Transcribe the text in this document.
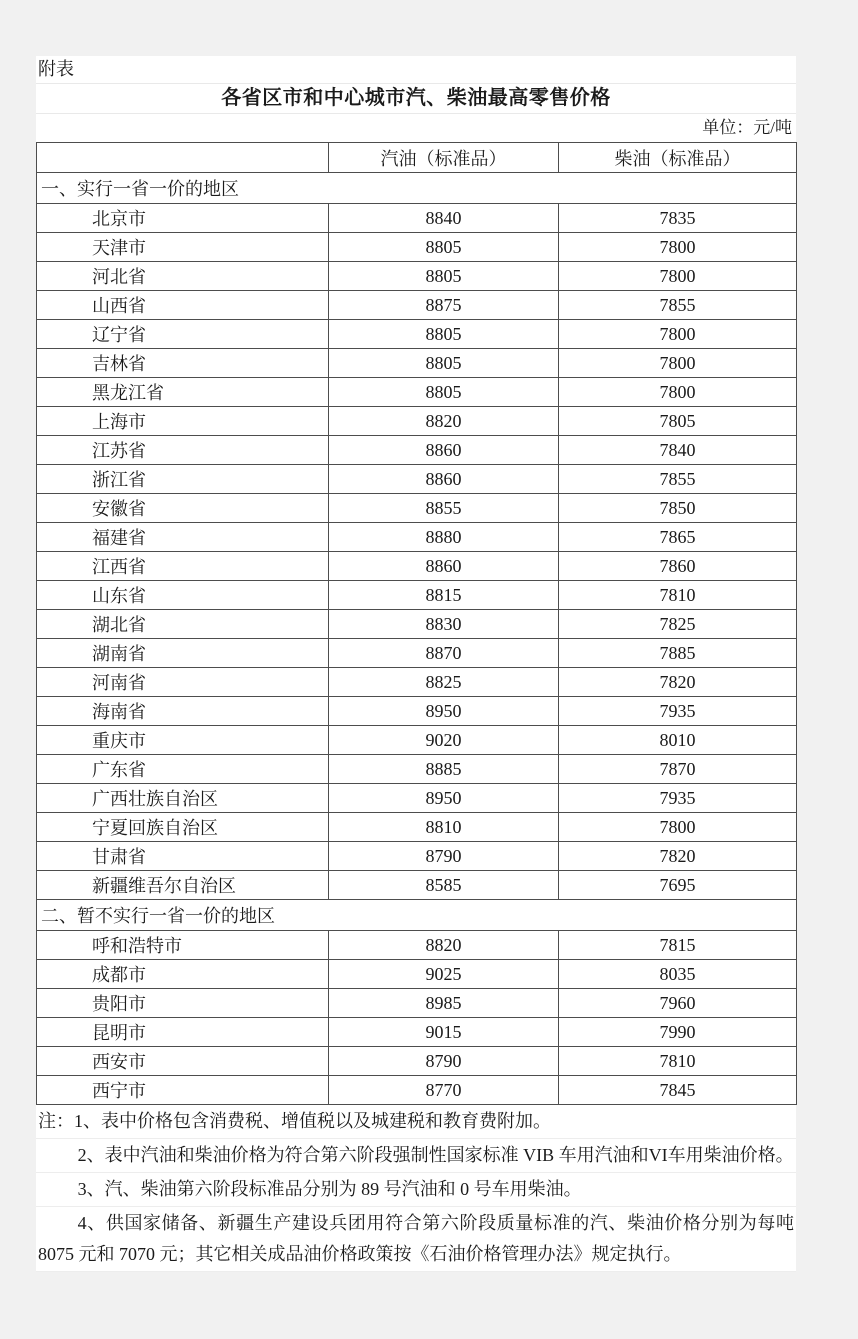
附表
各省区市和中心城市汽、柴油最高零售价格
单位：元/吨
	汽油（标准品）	柴油（标准品）
一、实行一省一价的地区		
北京市	8840	7835
天津市	8805	7800
河北省	8805	7800
山西省	8875	7855
辽宁省	8805	7800
吉林省	8805	7800
黑龙江省	8805	7800
上海市	8820	7805
江苏省	8860	7840
浙江省	8860	7855
安徽省	8855	7850
福建省	8880	7865
江西省	8860	7860
山东省	8815	7810
湖北省	8830	7825
湖南省	8870	7885
河南省	8825	7820
海南省	8950	7935
重庆市	9020	8010
广东省	8885	7870
广西壮族自治区	8950	7935
宁夏回族自治区	8810	7800
甘肃省	8790	7820
新疆维吾尔自治区	8585	7695
二、暂不实行一省一价的地区		
呼和浩特市	8820	7815
成都市	9025	8035
贵阳市	8985	7960
昆明市	9015	7990
西安市	8790	7810
西宁市	8770	7845
注：1、表中价格包含消费税、增值税以及城建税和教育费附加。
2、表中汽油和柴油价格为符合第六阶段强制性国家标准 VIB 车用汽油和VI车用柴油价格。
3、汽、柴油第六阶段标准品分别为 89 号汽油和 0 号车用柴油。
4、供国家储备、新疆生产建设兵团用符合第六阶段质量标准的汽、柴油价格分别为每吨 8075 元和 7070 元；其它相关成品油价格政策按《石油价格管理办法》规定执行。
